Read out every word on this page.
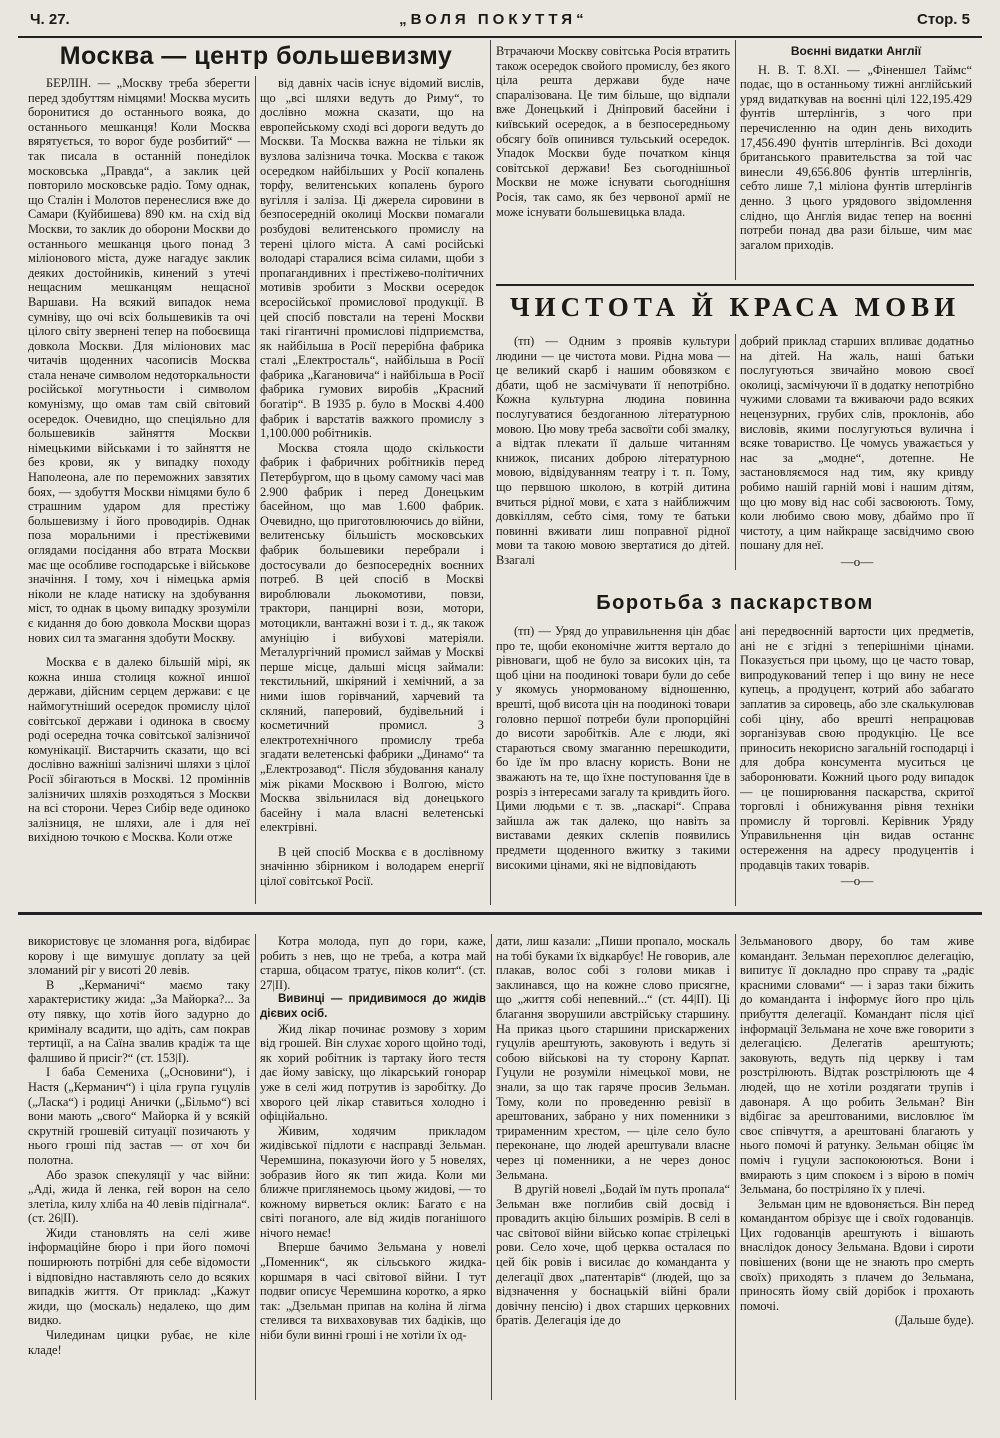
Ч. 27.	„ВОЛЯ ПОКУТТЯ“	Стор. 5
Москва — центр большевизму

БЕРЛІН. — „Москву треба зберегти перед здобуттям німцями! Москва мусить боронитися до останнього вояка, до останнього мешканця! Коли Москва вярятується, то ворог буде розбитий“ — так писала в останній понеділок московська „Правда“, а заклик цей повторило московське радіо. Тому однак, що Сталін і Молотов перенеслися вже до Самари (Куйбишева) 890 км. на схід від Москви, то заклик до оборони Москви до останнього мешканця цього понад 3 міліонового міста, дуже нагадує заклик деяких достойників, кинений з утечі нещасним мешканцям нещасної Варшави. На всякий випадок нема сумніву, що очі всіх большевиків та очі цілого світу звернені тепер на побоєвища довкола Москви. Для міліонових мас читачів щоденних часописів Москва стала неначе символом недоторкальности російської могутньости і символом комунізму, що омав там свій світовий осередок. Очевидно, що спеціяльно для большевиків зайняття Москви німецькими військами і то зайняття не без крови, як у випадку походу Наполеона, але по переможних завзятих боях, — здобуття Москви німцями було б страшним ударом для престіжу большевизму і його проводирів. Однак поза моральними і престіжевими оглядами посідання або втрата Москви має ще особливе господарське і військове значіння. І тому, хоч і німецька армія ніколи не кладе натиску на здобування міст, то однак в цьому випадку зрозуміли є кидання до бою довкола Москви щораз нових сил та змагання здобути Москву.

Москва є в далеко більшій мірі, як кожна инша столиця кожної иншої держави, дійсним серцем держави: є це наймогутніший осередок промислу цілої совітської держави і одинока в своєму роді осередна точка совітської залізничої комунікації. Вистарчить сказати, що всі дослівно важніші залізничі шляхи з цілої Росії збігаються в Москві. 12 проміннів залізничих шляхів розходяться з Москви на всі сторони. Через Сибір веде одиноко залізниця, не шляхи, але і для неї вихідною точкою є Москва. Коли отже

від давніх часів існує відомий вислів, що „всі шляхи ведуть до Риму“, то дослівно можна сказати, що на европейському сході всі дороги ведуть до Москви. Та Москва важна не тільки як вузлова залізнича точка. Москва є також осередком найбільших у Росії копалень торфу, велитенських копалень бурого вугілля і заліза. Ці джерела сировини в безпосередній околиці Москви помагали розбудові велитенського промислу на терені цілого міста. А самі російські володарі старалися всіма силами, щоби з пропагандивних і престіжево-політичних мотивів зробити з Москви осередок всеросійської промислової продукції. В цей спосіб повстали на терені Москви такі гігантичні промислові підприємства, як найбільша в Росії перерібна фабрика сталі „Електросталь“, найбільша в Росії фабрика „Кагановичa“ і найбільша в Росії фабрика гумових виробів „Красний богатір“. В 1935 р. було в Москві 4.400 фабрик і варстатів важкого промислу з 1,100.000 робітників.

Москва стояла щодо скількости фабрик і фабричних робітників перед Петербургом, що в цьому самому часі мав 2.900 фабрик і перед Донецьким басейном, що мав 1.600 фабрик. Очевидно, що приготовлюючись до війни, велитенську більшість московських фабрик большевики перебрали і достосували до безпосередніх воєнних потреб. В цей спосіб в Москві вироблювали льокомотиви, повзи, трактори, панцирні вози, мотори, мотоцикли, вантажні вози і т. д., як також амуніцію і вибухові матеріяли. Металургічний промисл займав у Москві перше місце, дальші місця займали: текстильний, шкіряний і хемічний, а за ними ішов горівчаний, харчевий та скляний, паперовий, будівельний і косметичний промисл. З електротехнічного промислу треба згадати велетенські фабрики „Динамо“ та „Електрозавод“. Після збудовання каналу між ріками Москвою і Волгою, місто Москва звільнилася від донецького басейну і мала власні велетенські електрівні.

В цей спосіб Москва є в дослівному значінню збірником і володарем енергії цілої совітської Росії.

Втрачаючи Москву совітська Росія втратить також осередок свойого промислу, без якого ціла решта держави буде наче спаралізована. Це тим більше, що відпали вже Донецький і Дніпровий басейни і київський осередок, а в безпосередньому обсягу боїв опинився тульський осередок. Упадок Москви буде початком кінця совітської держави! Без сьогоднішньої Москви не може існувати сьогоднішня Росія, так само, як без червоної армії не може існувати большевицька влада.

Воєнні видатки Англії

Н. В. Т. 8.XI. — „Фіненшел Таймс“ подає, що в останньому тижні англійський уряд видаткував на воєнні цілі 122,195.429 фунтів штерлінгів, з чого при перечисленню на один день виходить 17,456.490 фунтів штерлінгів. Всі доходи британського правительства за той час винесли 49,656.806 фунтів штерлінгів, себто лише 7,1 міліона фунтів штерлінгів денно. З цього урядового звідомлення слідно, що Англія видає тепер на воєнні потреби понад два рази більше, чим має загалом приходів.

ЧИСТОТА Й КРАСА МОВИ

(тп) — Одним з проявів культури людини — це чистота мови. Рідна мова — це великий скарб і нашим обовязком є дбати, щоб не засмічувати її непотрібно. Кожна культурна людина повинна послугуватися бездоганною літературною мовою. Цю мову треба засвоїти собі змалку, а відтак плекати її дальше читанням книжок, писаних доброю літературною мовою, відвідуванням театру і т. п. Тому, що первшою школою, в котрій дитина вчиться рідної мови, є хата з найближчим довкіллям, себто сімя, тому те батьки повинні вживати лиш поправної рідної мови та такою мовою звертатися до дітей. Взагалі

добрий приклад старших впливає додатньо на дітей. На жаль, наші батьки послугуються звичайно мовою своєї околиці, засмічуючи її в додатку непотрібно чужими словами та вживаючи радо всяких нецензурних, грубих слів, проклонів, або висловів, якими послугуються вулична і всяке товариство. Це чомусь уважається у нас за „модне“, дотепне. Не застановляємося над тим, яку кривду робимо нашій гарній мові і нашим дітям, що цю мову від нас собі засвоюють. Тому, коли любимо свою мову, дбаймо про її чистоту, а цим найкраще засвідчимо свою пошану для неї.

—о—
Боротьба з паскарством

(тп) — Уряд до управильнення цін дбає про те, щоби економічне життя вертало до рівноваги, щоб не було за високих цін, та щоб ціни на поодинокі товари були до себе у якомусь унормованому відношенню, врешті, щоб висота цін на поодинокі товари головно першої потреби були пропорційні до висоти заробітків. Але є люди, які стараються свому змаганню перешкодити, бо їде їм про власну користь. Вони не зважають на те, що їхне поступовання їде в розріз з інтересами загалу та кривдить його. Цими людьми є т. зв. „паскарі“. Справа зайшла аж так далеко, що навіть за виставами деяких склепів появились предмети щоденного вжитку з такими високими цінами, які не відповідають

ані передвоєнній вартости цих предметів, ані не є згідні з теперішніми цінами. Показується при цьому, що це часто товар, випродукований тепер і що вину не несе купець, а продуцент, котрий або забагато заплатив за сировець, або зле скалькулював собі ціну, або врешті непрацював зорганізував свою продукцію. Це все приносить некорисно загальній господарці і для добра консумента муситься це заборонювати. Кожний цього роду випадок — це поширювання паскарства, скритої торговлі і обнижування рівня техніки промислу й торговлі. Керівник Уряду Управильнення цін видав останнє остереження на адресу продуцентів і продавців таких товарів.

—о—

використовує це зломання рога, відбирає корову і ще вимушує доплату за цей зломаний ріг у висоті 20 левів.

В „Керманичі“ маємо таку характеристику жида: „За Майорка?... За оту пявку, що хотів його задурно до криміналу всадити, що адіть, сам покрав тертиції, а на Саїна звалив крадіж та ще фалшиво й присіг?“ (ст. 153|І).

І баба Семениха („Основини“), і Настя („Керманич“) і ціла група гуцулів („Ласка“) і родиці Анички („Більмо“) всі вони мають „свого“ Майорка й у всякій скрутній грошевій ситуації позичають у нього гроші під застав — от хоч би полотна.

Або зразок спекуляції у час війни: „Аді, жида й ленка, гей ворон на село злетіла, килу хліба на 40 левів підігнала“. (ст. 26|ІІ).

Жиди становлять на селі живе інформаційне бюро і при його помочі поширюють потрібні для себе відомости і відповідно наставляють село до всяких випадків життя. От приклад: „Кажут жиди, що (москаль) недалеко, що дим видко.

Чилединам цицки рубає, не кіле кладе!

Котра молода, пуп до гори, каже, робить з нев, що не треба, а котра май старша, обцасом тратує, піков колит“. (ст. 27|ІІ).

Вивинці — придивимося до жидів дієвих осіб.

Жид лікар починає розмову з хорим від грошей. Він слухає хорого щойно тоді, як хорий робітник із тартаку його тестя дає йому завіску, що лікарський гонорар уже в селі жид потрутив із заробітку. До хворого цей лікар ставиться холодно і офіційально.

Живим, ходячим прикладом жидівської підлоти є насправді Зельман. Черемшина, показуючи його у 5 новелях, зобразив його як тип жида. Коли ми ближче приглянемось цьому жидові, — то кожному вирветься оклик: Багато є на світі поганого, але від жидів поганішого нічого немає!

Вперше бачимо Зельмана у новелі „Поменник“, як сільського жидка-коршмаря в часі світової війни. І тут подвиг описує Черемшина коротко, а яркo так: „Дзельман припав на коліна й лігма стелився та вихваховував тих бадіків, що ніби були винні гроші і не хотіли їх од-

дати, лиш казали: „Пиши пропало, москаль на тобі буками їх відкарбує! Не говорив, але плакав, волос собі з голови микав і заклинався, що на кожне слово присягне, що „життя собі непевний...“ (ст. 44|ІІ). Ці благання зворушили австрійську старшину. На приказ цього старшини прискаржених гуцулів арештують, заковують і ведуть зі собою військові на ту сторону Карпат. Гуцули не розуміли німецької мови, не знали, за що так гаряче просив Зельман. Тому, коли по проведенню ревізії в арештованих, забрано у них поменники з трираменним хрестом, — ціле село було переконане, що людей арештували власне через ці поменники, а не через донос Зельмана.

В другій новелі „Бодай їм путь пропала“ Зельман вже поглибив свій досвід і провадить акцію більших розмірів. В селі в час світової війни військо копає стрілецькі рови. Село хоче, щоб церква осталася по цей бік ровів і висилає до команданта у делегації двох „патентарів“ (людей, що за відзначення у боснацькій війні брали довічну пенсію) і двох старших церковних братів. Делегація іде до

Зельманового двору, бо там живе командант. Зельман перехоплює делегацію, випитує її докладно про справу та „радіє красними словами“ — і зараз таки біжить до команданта і інформує його про ціль прибуття делегації. Командант після цієї інформації Зельмана не хоче вже говорити з делегацією. Делегатів арештують; заковують, ведуть під церкву і там розстрілюють. Відтак розстрілюють ще 4 людей, що не хотіли роздягати трупів і давонаря. А що робить Зельман? Він відбігає за арештованими, висловлює їм своє співчуття, а арештовані благають у нього помочі й ратунку. Зельман обіцяє їм поміч і гуцули заспокоюються. Вони і вмирають з цим спокоєм і з вірою в поміч Зельмана, бо постріляно їх у плечі.

Зельман цим не вдовоняється. Він перед командантом обрізує ще і своїх годованців. Цих годованців арештують і вішають внаслідок доносу Зельмана. Вдови і сироти повішених (вони ще не знають про смерть своїх) приходять з плачем до Зельмана, приносять йому свій дорібок і прохають помочі.

(Дальше буде).
